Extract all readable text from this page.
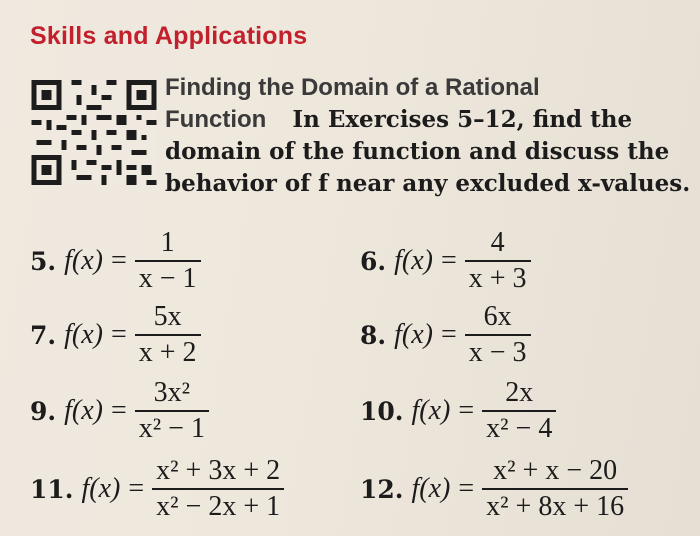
Skills and Applications
Finding the Domain of a Rational
Function In Exercises 5–12, find the
domain of the function and discuss the
behavior of f near any excluded x-values.
5. $f(x) = \frac{1}{x - 1}$	6. $f(x) = \frac{4}{x + 3}$
7. $f(x) = \frac{5x}{x + 2}$	8. $f(x) = \frac{6x}{x - 3}$
9. $f(x) = \frac{\text{3x²}}{\text{x² − 1}}$	10. $f(x) = \frac{2x}{\text{x² − 4}}$
11. $f(x) = \frac{\text{x² + 3x + 2}}{\text{x² − 2x + 1}}$	12. $f(x) = \frac{\text{x² + x − 20}}{\text{x² + 8x + 16}}$
